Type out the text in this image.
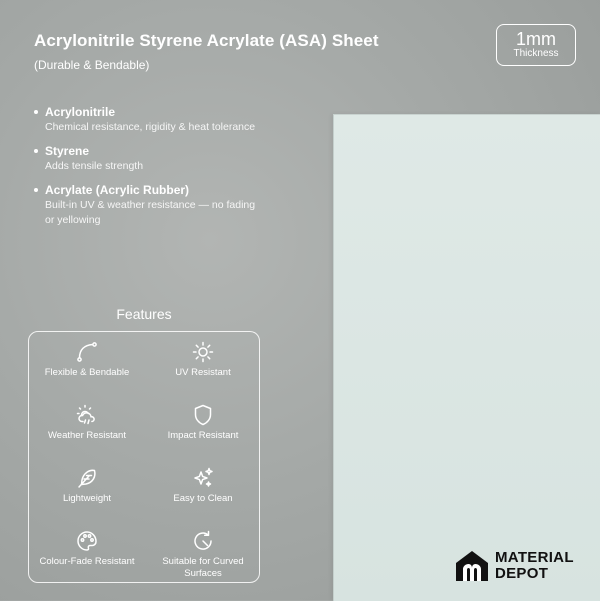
Acrylonitrile Styrene Acrylate (ASA) Sheet
(Durable & Bendable)
1mm
Thickness
Acrylonitrile
Chemical resistance, rigidity & heat tolerance
Styrene
Adds tensile strength
Acrylate (Acrylic Rubber)
Built-in UV & weather resistance — no fading or yellowing
Features
Flexible & Bendable	UV Resistant
Weather Resistant	Impact Resistant
Lightweight	Easy to Clean
Colour-Fade Resistant	Suitable for Curved Surfaces
MATERIAL
DEPOT
